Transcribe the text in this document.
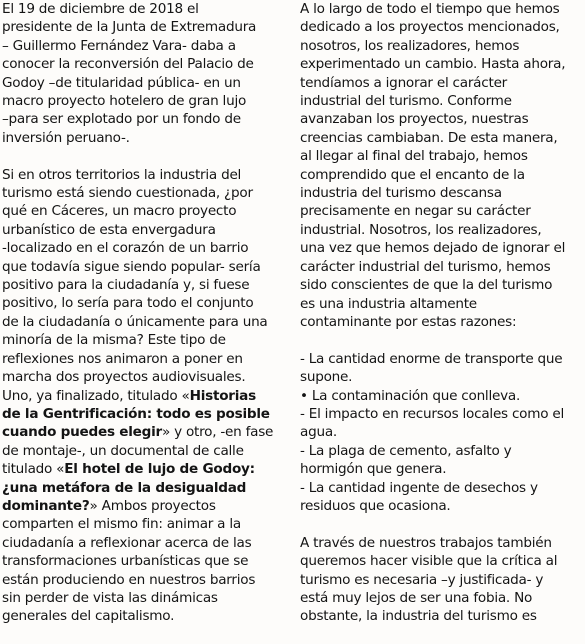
El 19 de diciembre de 2018 el
presidente de la Junta de Extremadura
– Guillermo Fernández Vara- daba a
conocer la reconversión del Palacio de
Godoy –de titularidad pública- en un
macro proyecto hotelero de gran lujo
–para ser explotado por un fondo de
inversión peruano-.

Si en otros territorios la industria del
turismo está siendo cuestionada, ¿por
qué en Cáceres, un macro proyecto
urbanístico de esta envergadura
-localizado en el corazón de un barrio
que todavía sigue siendo popular- sería
positivo para la ciudadanía y, si fuese
positivo, lo sería para todo el conjunto
de la ciudadanía o únicamente para una
minoría de la misma? Este tipo de
reflexiones nos animaron a poner en
marcha dos proyectos audiovisuales.
Uno, ya finalizado, titulado «Historias
de la Gentrificación: todo es posible
cuando puedes elegir» y otro, -en fase
de montaje-, un documental de calle
titulado «El hotel de lujo de Godoy:
¿una metáfora de la desigualdad
dominante?» Ambos proyectos
comparten el mismo fin: animar a la
ciudadanía a reflexionar acerca de las
transformaciones urbanísticas que se
están produciendo en nuestros barrios
sin perder de vista las dinámicas
generales del capitalismo.

A lo largo de todo el tiempo que hemos
dedicado a los proyectos mencionados,
nosotros, los realizadores, hemos
experimentado un cambio. Hasta ahora,
tendíamos a ignorar el carácter
industrial del turismo. Conforme
avanzaban los proyectos, nuestras
creencias cambiaban. De esta manera,
al llegar al final del trabajo, hemos
comprendido que el encanto de la
industria del turismo descansa
precisamente en negar su carácter
industrial. Nosotros, los realizadores,
una vez que hemos dejado de ignorar el
carácter industrial del turismo, hemos
sido conscientes de que la del turismo
es una industria altamente
contaminante por estas razones:

- La cantidad enorme de transporte que
supone.
• La contaminación que conlleva.
- El impacto en recursos locales como el
agua.
- La plaga de cemento, asfalto y
hormigón que genera.
- La cantidad ingente de desechos y
residuos que ocasiona.

A través de nuestros trabajos también
queremos hacer visible que la crítica al
turismo es necesaria –y justificada- y
está muy lejos de ser una fobia. No
obstante, la industria del turismo es
